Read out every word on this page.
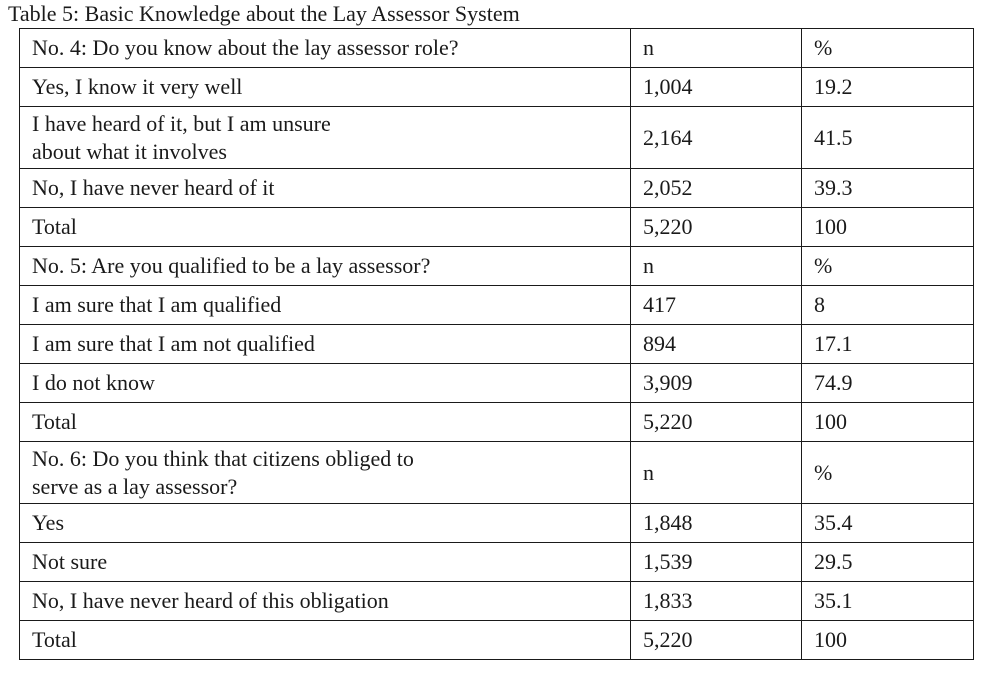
Table 5: Basic Knowledge about the Lay Assessor System
No. 4: Do you know about the lay assessor role?	n	%
Yes, I know it very well	1,004	19.2

I have heard of it, but I am unsure
about what it involves	2,164	41.5
No, I have never heard of it	2,052	39.3
Total	5,220	100
No. 5: Are you qualified to be a lay assessor?	n	%
I am sure that I am qualified	417	8
I am sure that I am not qualified	894	17.1
I do not know	3,909	74.9
Total	5,220	100

No. 6: Do you think that citizens obliged to
serve as a lay assessor?	n	%
Yes	1,848	35.4
Not sure	1,539	29.5
No, I have never heard of this obligation	1,833	35.1
Total	5,220	100
